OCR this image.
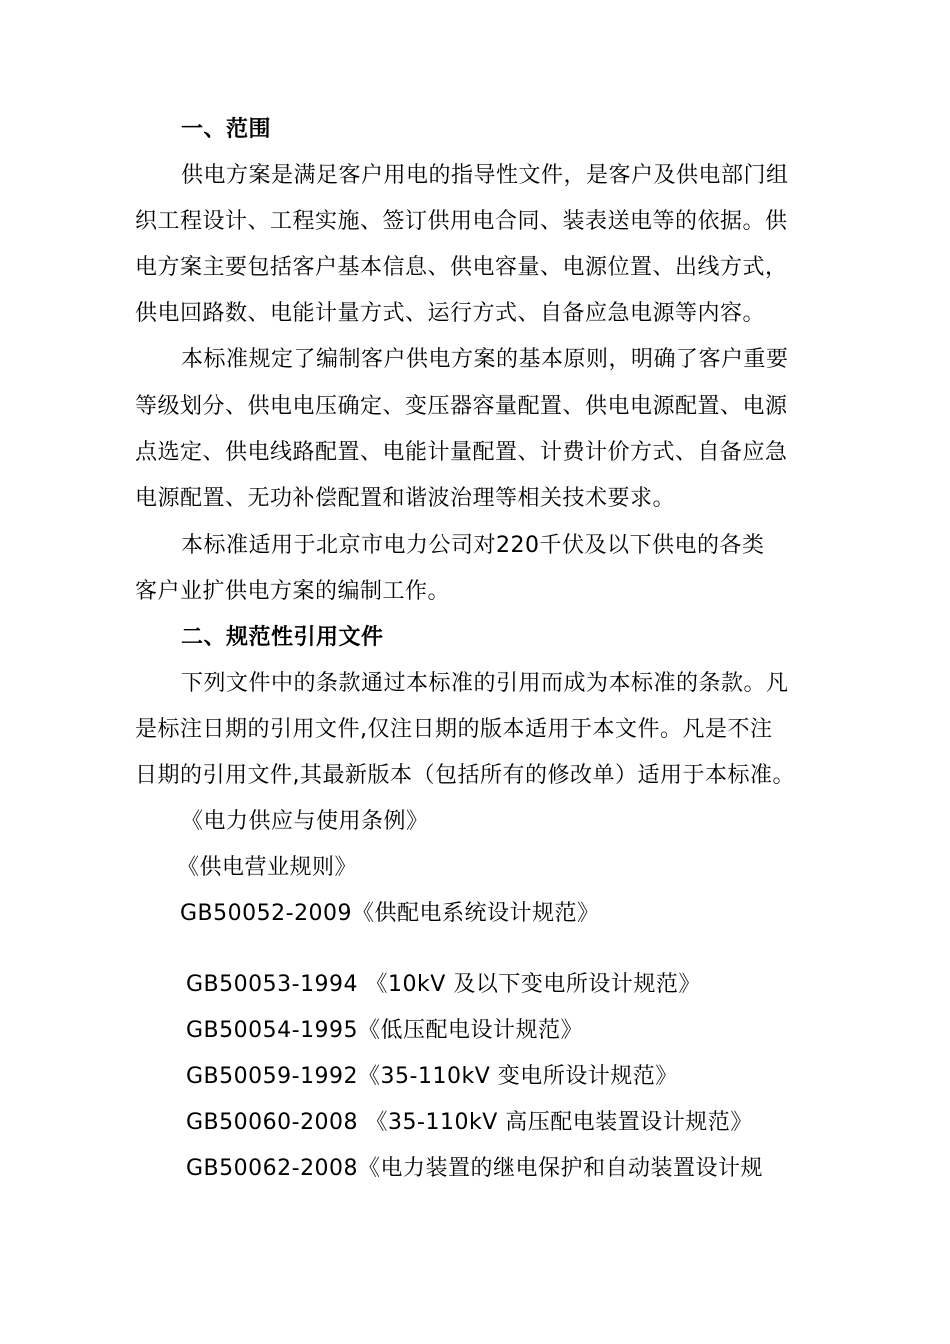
一、范围
供电方案是满足客户用电的指导性文件，是客户及供电部门组
织工程设计、工程实施、签订供用电合同、装表送电等的依据。供
电方案主要包括客户基本信息、供电容量、电源位置、出线方式，
供电回路数、电能计量方式、运行方式、自备应急电源等内容。
本标准规定了编制客户供电方案的基本原则，明确了客户重要
等级划分、供电电压确定、变压器容量配置、供电电源配置、电源
点选定、供电线路配置、电能计量配置、计费计价方式、自备应急
电源配置、无功补偿配置和谐波治理等相关技术要求。
本标准适用于北京市电力公司对220千伏及以下供电的各类
客户业扩供电方案的编制工作。
二、规范性引用文件
下列文件中的条款通过本标准的引用而成为本标准的条款。凡
是标注日期的引用文件,仅注日期的版本适用于本文件。凡是不注
日期的引用文件,其最新版本（包括所有的修改单）适用于本标准。
《电力供应与使用条例》
《供电营业规则》
GB50052-2009《供配电系统设计规范》
GB50053-1994 《10kV 及以下变电所设计规范》
GB50054-1995《低压配电设计规范》
GB50059-1992《35-110kV 变电所设计规范》
GB50060-2008 《35-110kV 高压配电装置设计规范》
GB50062-2008《电力装置的继电保护和自动装置设计规
